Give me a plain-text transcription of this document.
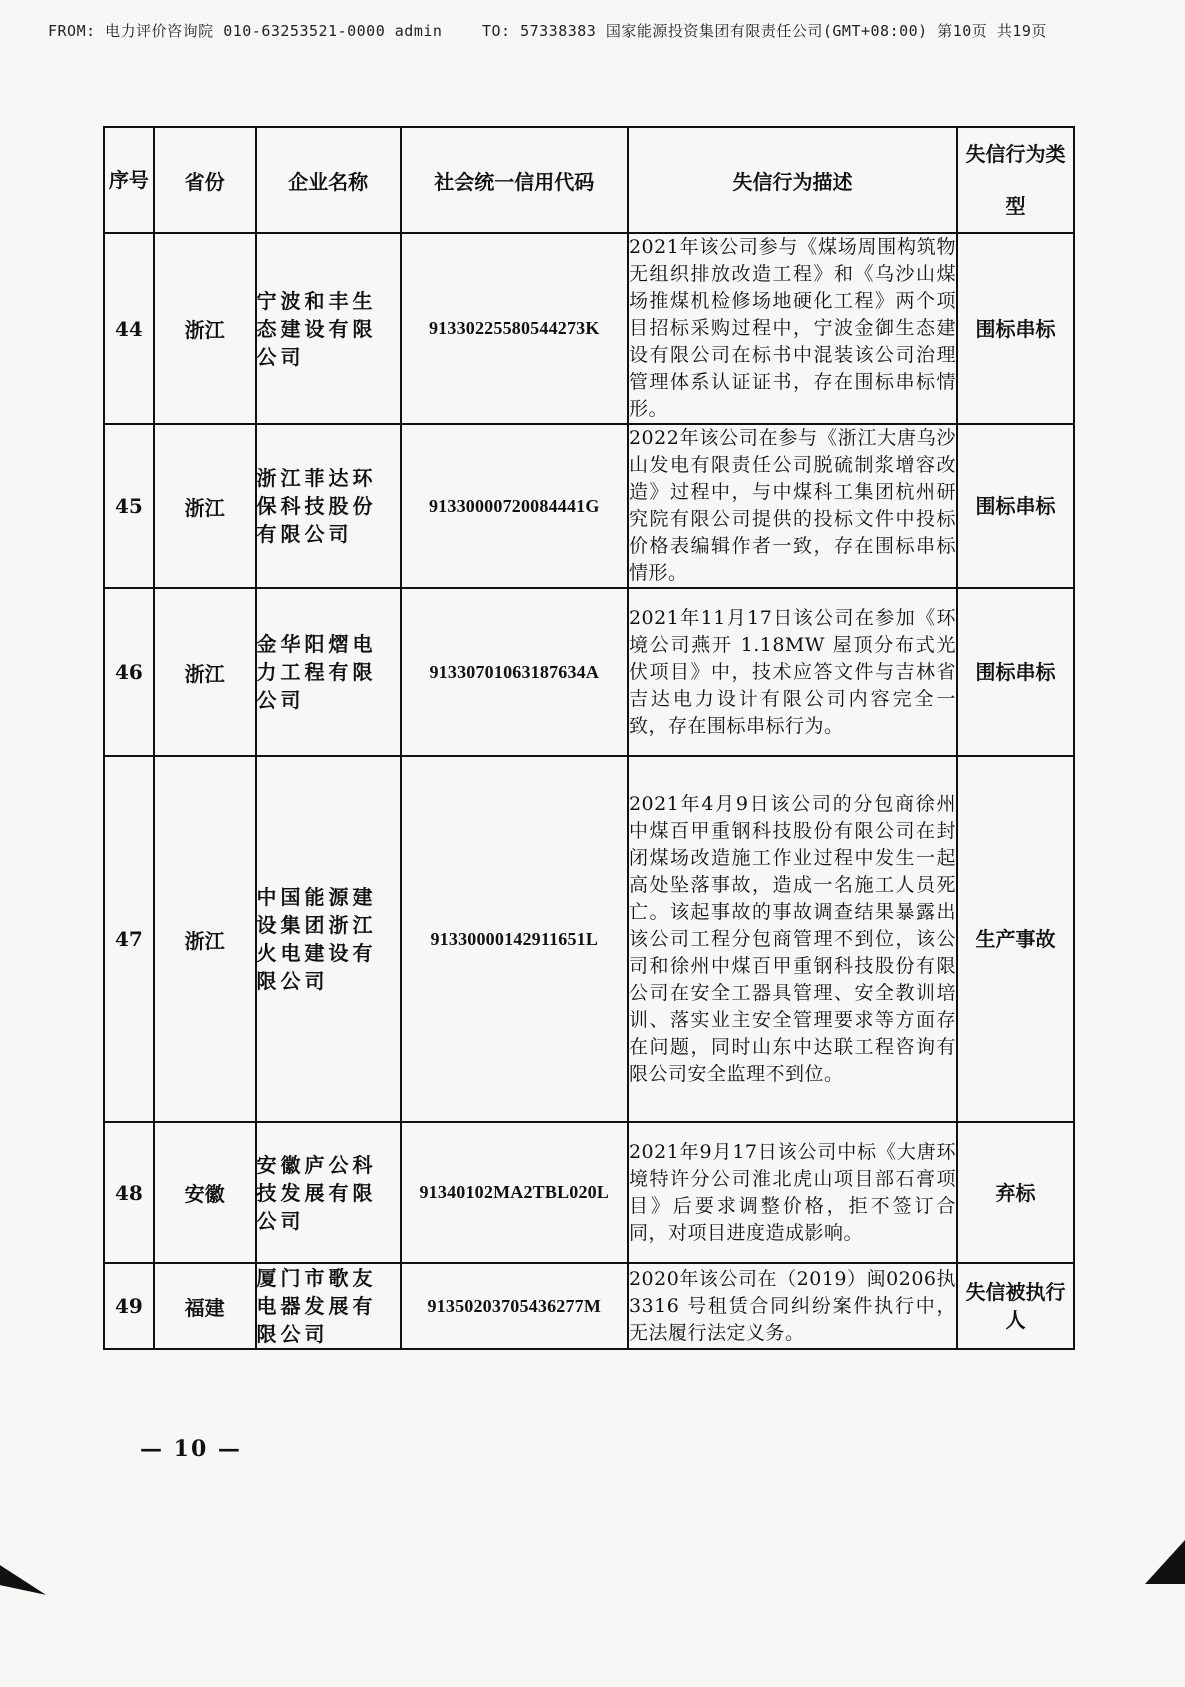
FROM: 电力评价咨询院 010-63253521-0000 admin	TO: 57338383 国家能源投资集团有限责任公司(GMT+08:00) 第10页 共19页
序号	省份	企业名称	社会统一信用代码	失信行为描述	失信行为类型
44	浙江	宁波和丰生态建设有限公司	91330225580544273K	2021年该公司参与《煤场周围构筑物无组织排放改造工程》和《乌沙山煤场推煤机检修场地硬化工程》两个项目招标采购过程中，宁波金御生态建设有限公司在标书中混装该公司治理管理体系认证证书，存在围标串标情形。	围标串标
45	浙江	浙江菲达环保科技股份有限公司	91330000720084441G	2022年该公司在参与《浙江大唐乌沙山发电有限责任公司脱硫制浆增容改造》过程中，与中煤科工集团杭州研究院有限公司提供的投标文件中投标价格表编辑作者一致，存在围标串标情形。	围标串标
46	浙江	金华阳熠电力工程有限公司	91330701063187634A	2021年11月17日该公司在参加《环境公司燕开 1.18MW 屋顶分布式光伏项目》中，技术应答文件与吉林省吉达电力设计有限公司内容完全一致，存在围标串标行为。	围标串标
47	浙江	中国能源建设集团浙江火电建设有限公司	91330000142911651L	2021年4月9日该公司的分包商徐州中煤百甲重钢科技股份有限公司在封闭煤场改造施工作业过程中发生一起高处坠落事故，造成一名施工人员死亡。该起事故的事故调查结果暴露出该公司工程分包商管理不到位，该公司和徐州中煤百甲重钢科技股份有限公司在安全工器具管理、安全教训培训、落实业主安全管理要求等方面存在问题，同时山东中达联工程咨询有限公司安全监理不到位。	生产事故
48	安徽	安徽庐公科技发展有限公司	91340102MA2TBL020L	2021年9月17日该公司中标《大唐环境特许分公司淮北虎山项目部石膏项目》后要求调整价格，拒不签订合同，对项目进度造成影响。	弃标
49	福建	厦门市歌友电器发展有限公司	913502037054362​77M	2020年该公司在（2019）闽0206执 3316 号租赁合同纠纷案件执行中，无法履行法定义务。	失信被执行人
— 10 —
